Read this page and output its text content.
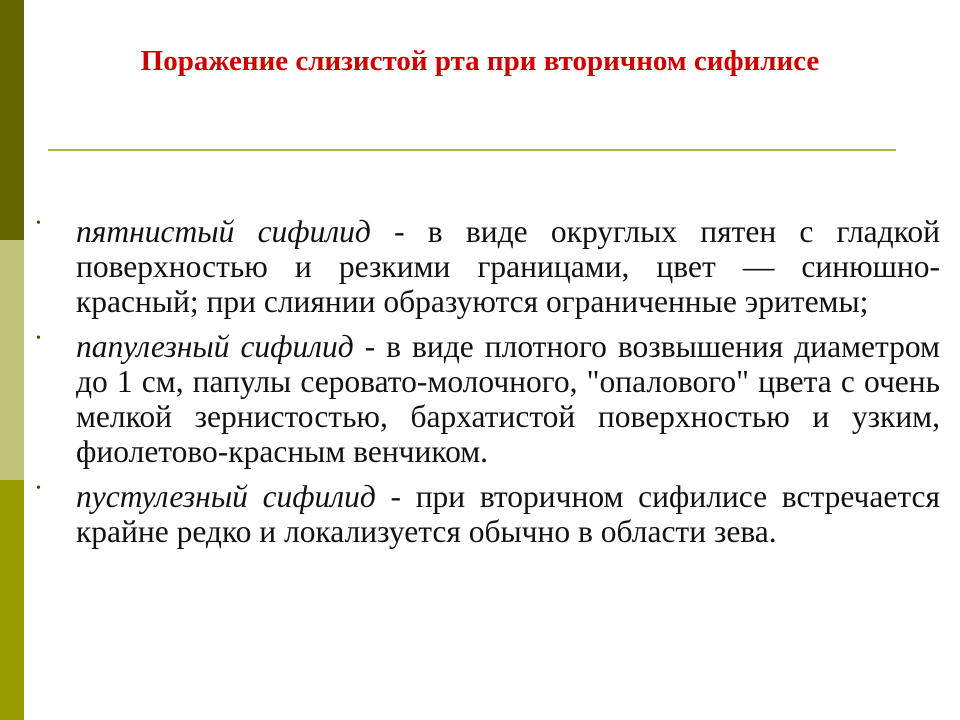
Поражение слизистой рта при вторичном сифилисе
• пятнистый сифилид - в виде округлых пятен с гладкой поверхностью и резкими границами, цвет — синюшно-красный; при слиянии образуются ограниченные эритемы;
• папулезный сифилид - в виде плотного возвышения диаметром до 1 см, папулы серовато-молочного, "опалового" цвета с очень мелкой зернистостью, бархатистой поверхностью и узким, фиолетово-красным венчиком.
• пустулезный сифилид - при вторичном сифилисе встречается крайне редко и локализуется обычно в области зева.
